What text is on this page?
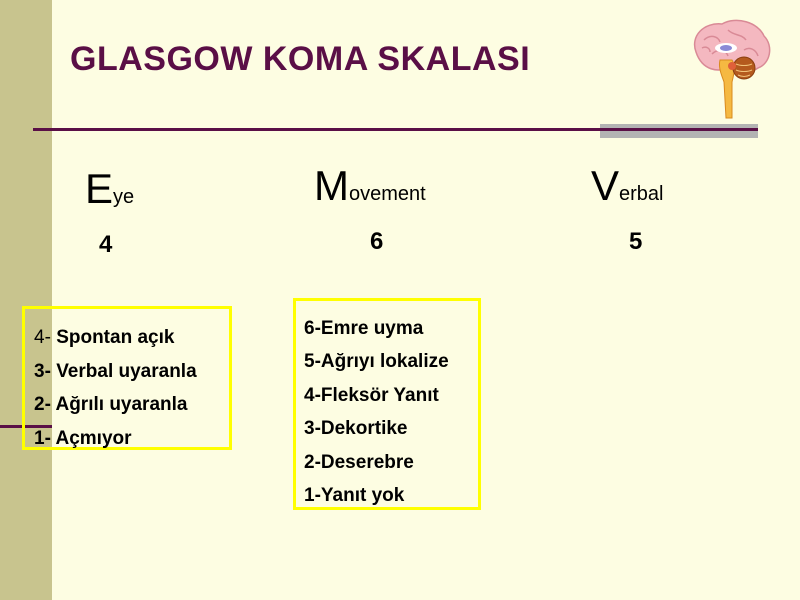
GLASGOW KOMA SKALASI
Eye	Movement	Verbal
4	6	5
4- Spontan açık
3- Verbal uyaranla
2- Ağrılı uyaranla
1- Açmıyor
6-Emre uyma
5-Ağrıyı lokalize
4-Fleksör Yanıt
3-Dekortike
2-Deserebre
1-Yanıt yok
